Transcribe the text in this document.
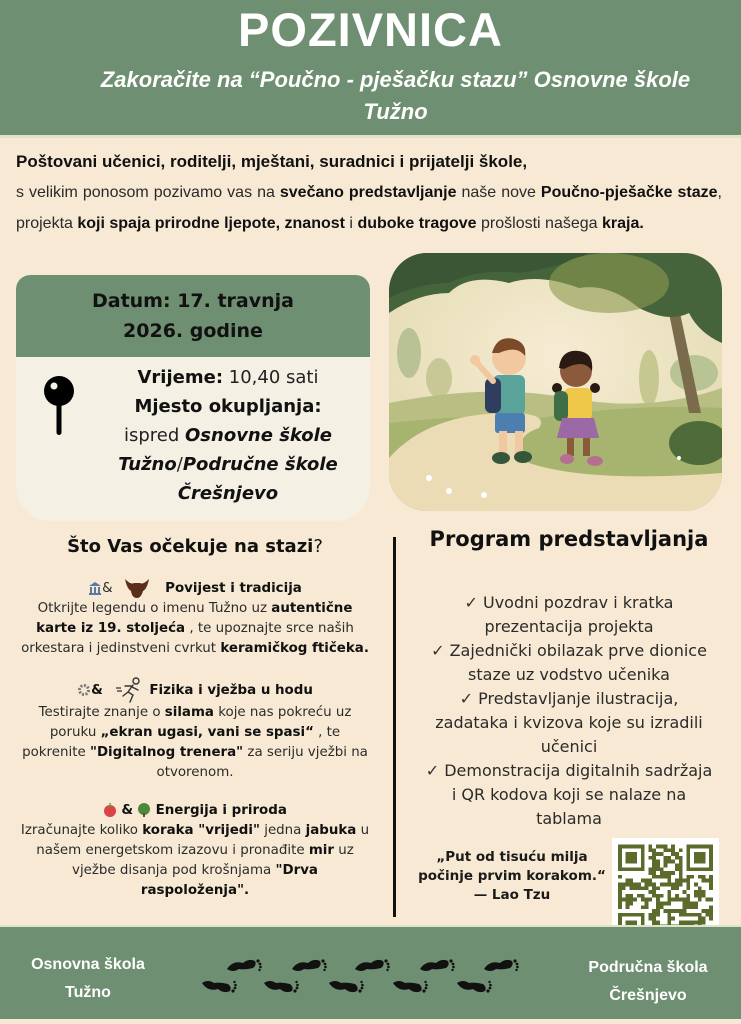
POZIVNICA
Zakoračite na “Poučno - pješačku stazu” Osnovne škole Tužno
Poštovani učenici, roditelji, mještani, suradnici i prijatelji škole,
s velikim ponosom pozivamo vas na svečano predstavljanje naše nove Poučno-pješačke staze, projekta koji spaja prirodne ljepote, znanost i duboke tragove prošlosti našega kraja.
Datum: 17. travnja 2026. godine
Vrijeme: 10,40 sati
Mjesto okupljanja:
ispred Osnovne škole Tužno/Područne škole Črešnjevo
Što Vas očekuje na stazi?
&	Povijest i tradicija
Otkrijte legendu o imenu Tužno uz autentične karte iz 19. stoljeća , te upoznajte srce naših orkestara i jedinstveni cvrkut keramičkog ftičeka.
&	Fizika i vježba u hodu
Testirajte znanje o silama koje nas pokreću uz poruku „ekran ugasi, vani se spasi“ , te pokrenite "Digitalnog trenera" za seriju vježbi na otvorenom.
& Energija i priroda
Izračunajte koliko koraka "vrijedi" jedna jabuka u našem energetskom izazovu i pronađite mir uz vježbe disanja pod krošnjama "Drva raspoloženja".
Program predstavljanja
✓ Uvodni pozdrav i kratka prezentacija projekta
✓ Zajednički obilazak prve dionice staze uz vodstvo učenika
✓ Predstavljanje ilustracija, zadataka i kvizova koje su izradili učenici
✓ Demonstracija digitalnih sadržaja i QR kodova koji se nalaze na tablama
„Put od tisuću milja
počinje prvim korakom.“
— Lao Tzu
Osnovna škola
Tužno
Područna škola
Črešnjevo
